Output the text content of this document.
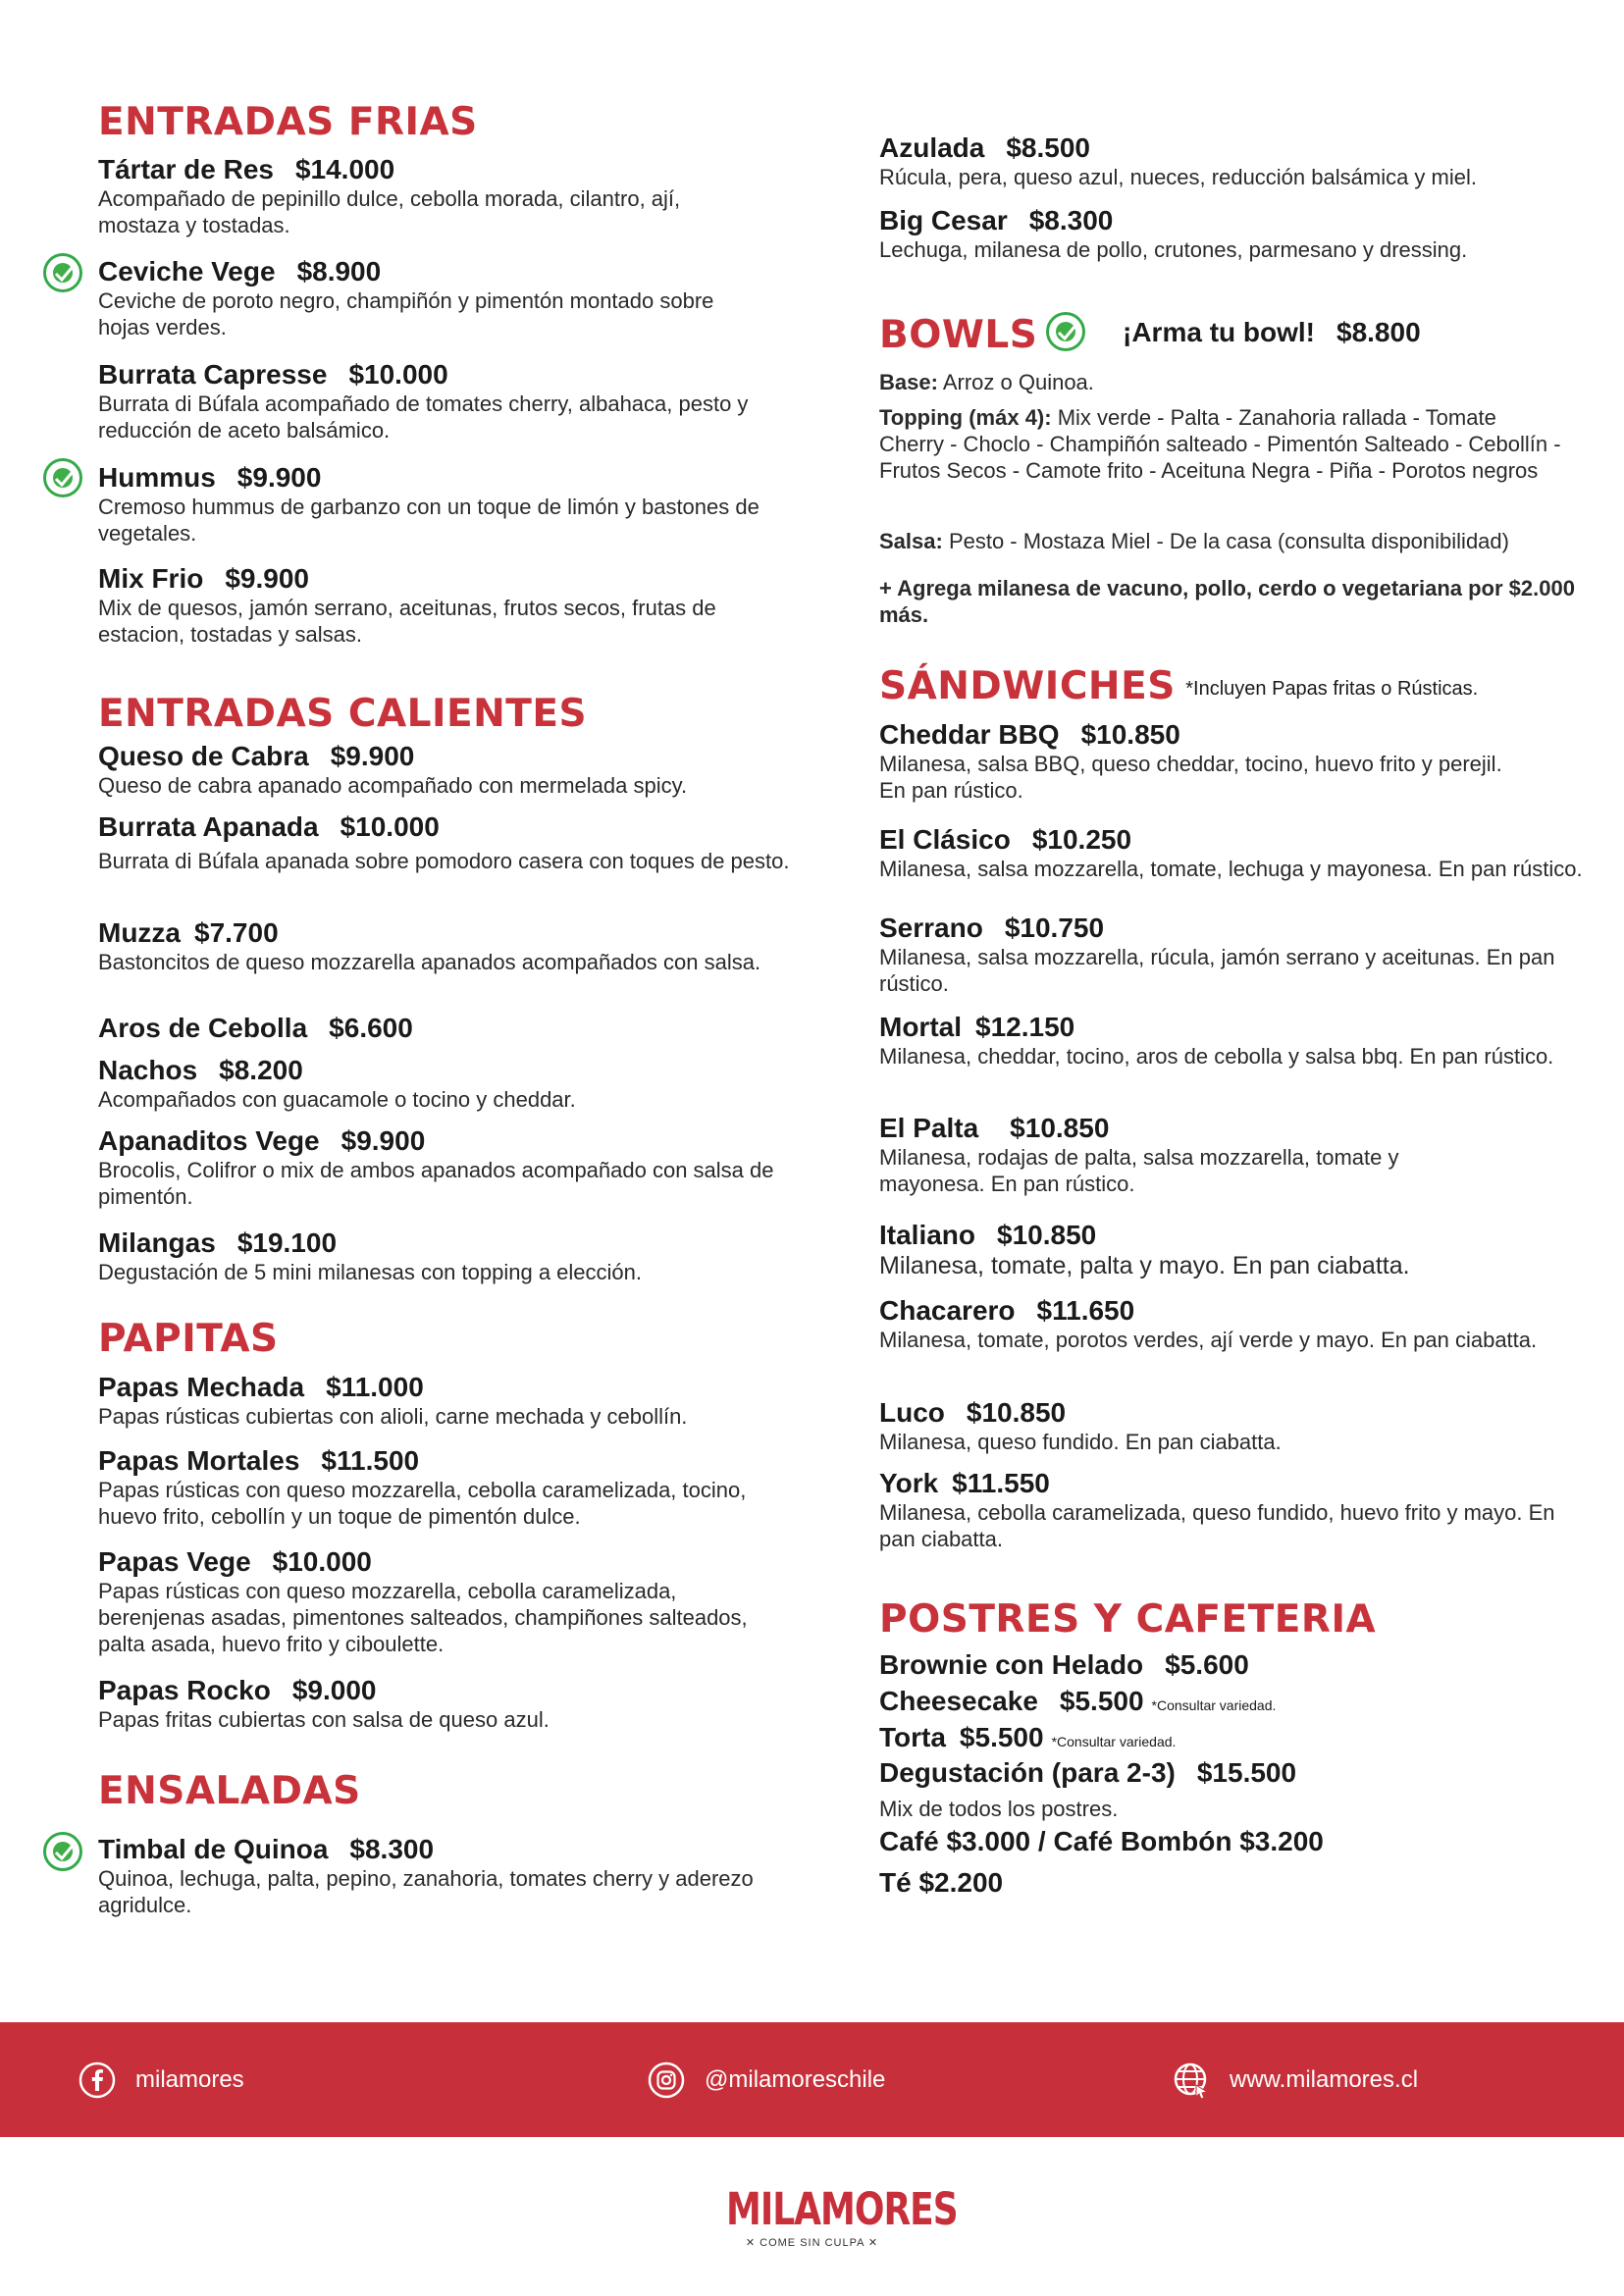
ENTRADAS FRIAS
Tártar de Res $14.000
Acompañado de pepinillo dulce, cebolla morada, cilantro, ají, mostaza y tostadas.
Ceviche Vege $8.900
Ceviche de poroto negro, champiñón y pimentón montado sobre hojas verdes.
Burrata Capresse $10.000
Burrata di Búfala acompañado de tomates cherry, albahaca, pesto y reducción de aceto balsámico.
Hummus $9.900
Cremoso hummus de garbanzo con un toque de limón y bastones de vegetales.
Mix Frio $9.900
Mix de quesos, jamón serrano, aceitunas, frutos secos, frutas de estacion, tostadas y salsas.
ENTRADAS CALIENTES
Queso de Cabra $9.900
Queso de cabra apanado acompañado con mermelada spicy.
Burrata Apanada $10.000
Burrata di Búfala apanada sobre pomodoro casera con toques de pesto.
Muzza $7.700
Bastoncitos de queso mozzarella apanados acompañados con salsa.
Aros de Cebolla $6.600
Nachos $8.200
Acompañados con guacamole o tocino y cheddar.
Apanaditos Vege $9.900
Brocolis, Colifror o mix de ambos apanados acompañado con salsa de pimentón.
Milangas $19.100
Degustación de 5 mini milanesas con topping a elección.
PAPITAS
Papas Mechada $11.000
Papas rústicas cubiertas con alioli, carne mechada y cebollín.
Papas Mortales $11.500
Papas rústicas con queso mozzarella, cebolla caramelizada, tocino, huevo frito, cebollín y un toque de pimentón dulce.
Papas Vege $10.000
Papas rústicas con queso mozzarella, cebolla caramelizada, berenjenas asadas, pimentones salteados, champiñones salteados, palta asada, huevo frito y ciboulette.
Papas Rocko $9.000
Papas fritas cubiertas con salsa de queso azul.
ENSALADAS
Timbal de Quinoa $8.300
Quinoa, lechuga, palta, pepino, zanahoria, tomates cherry y aderezo agridulce.
Azulada $8.500
Rúcula, pera, queso azul, nueces, reducción balsámica y miel.
Big Cesar $8.300
Lechuga, milanesa de pollo, crutones, parmesano y dressing.
BOWLS	¡Arma tu bowl! $8.800
Base: Arroz o Quinoa.
Topping (máx 4): Mix verde - Palta - Zanahoria rallada - Tomate Cherry - Choclo - Champiñón salteado - Pimentón Salteado - Cebollín - Frutos Secos - Camote frito - Aceituna Negra - Piña - Porotos negros
Salsa: Pesto - Mostaza Miel - De la casa (consulta disponibilidad)
+ Agrega milanesa de vacuno, pollo, cerdo o vegetariana por $2.000 más.
SÁNDWICHES *Incluyen Papas fritas o Rústicas.
Cheddar BBQ $10.850
Milanesa, salsa BBQ, queso cheddar, tocino, huevo frito y perejil. En pan rústico.
El Clásico $10.250
Milanesa, salsa mozzarella, tomate, lechuga y mayonesa. En pan rústico.
Serrano $10.750
Milanesa, salsa mozzarella, rúcula, jamón serrano y aceitunas. En pan rústico.
Mortal $12.150
Milanesa, cheddar, tocino, aros de cebolla y salsa bbq. En pan rústico.
El Palta $10.850
Milanesa, rodajas de palta, salsa mozzarella, tomate y mayonesa. En pan rústico.
Italiano $10.850
Milanesa, tomate, palta y mayo. En pan ciabatta.
Chacarero $11.650
Milanesa, tomate, porotos verdes, ají verde y mayo. En pan ciabatta.
Luco $10.850
Milanesa, queso fundido. En pan ciabatta.
York $11.550
Milanesa, cebolla caramelizada, queso fundido, huevo frito y mayo. En pan ciabatta.
POSTRES Y CAFETERIA
Brownie con Helado $5.600
Cheesecake $5.500 *Consultar variedad.
Torta $5.500 *Consultar variedad.
Degustación (para 2-3) $15.500
Mix de todos los postres.
Café $3.000 / Café Bombón $3.200
Té $2.200
milamores	@milamoreschile	www.milamores.cl
MILAMORES
✕ COME SIN CULPA ✕
